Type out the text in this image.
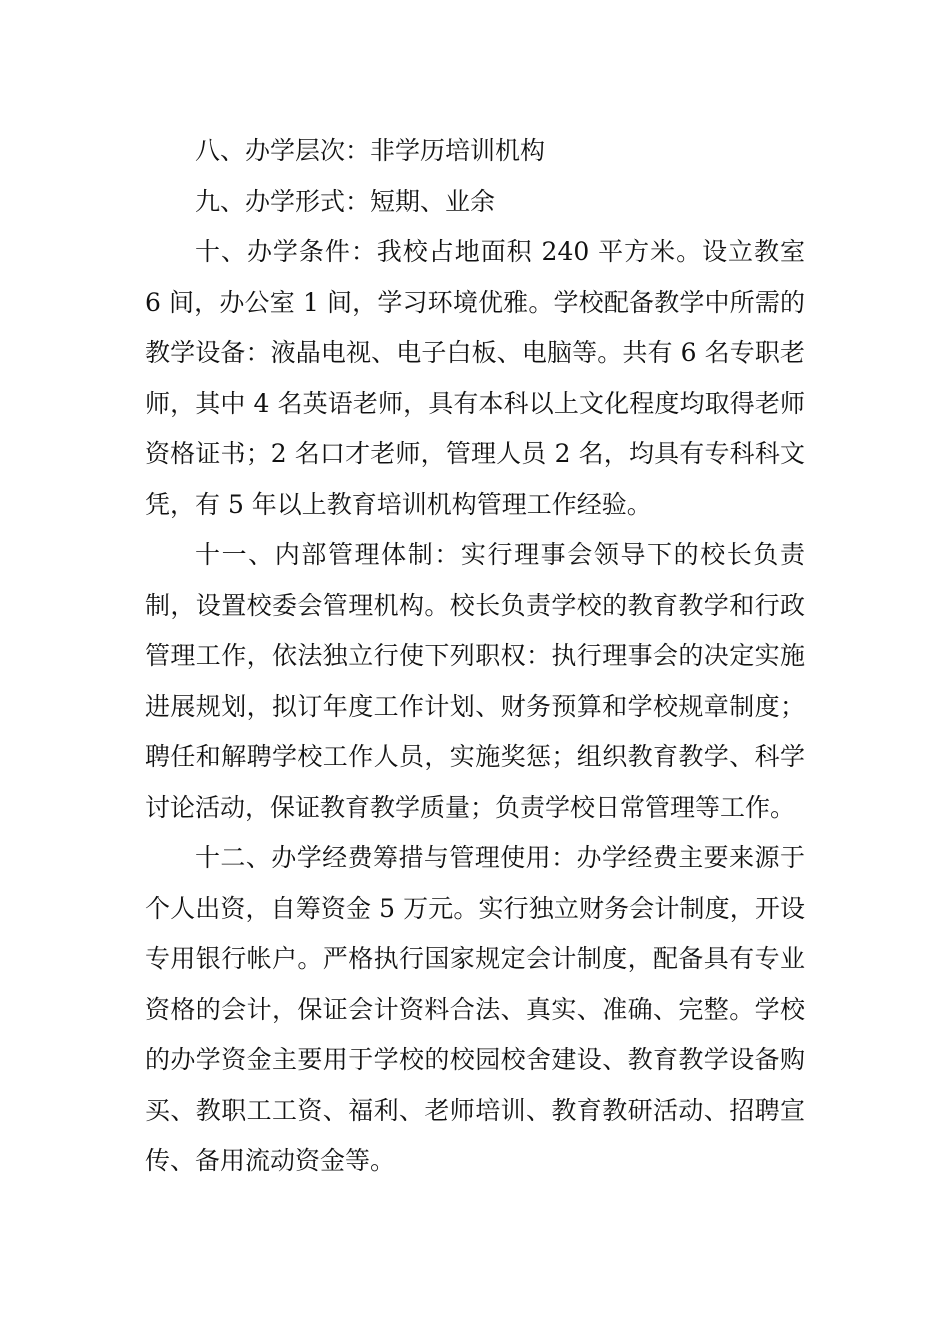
八、办学层次：非学历培训机构

九、办学形式：短期、业余

十、办学条件：我校占地面积 240 平方米。设立教室 6 间，办公室 1 间，学习环境优雅。学校配备教学中所需的教学设备：液晶电视、电子白板、电脑等。共有 6 名专职老师，其中 4 名英语老师，具有本科以上文化程度均取得老师资格证书；2 名口才老师，管理人员 2 名，均具有专科科文凭，有 5 年以上教育培训机构管理工作经验。

十一、内部管理体制：实行理事会领导下的校长负责制，设置校委会管理机构。校长负责学校的教育教学和行政管理工作，依法独立行使下列职权：执行理事会的决定实施进展规划，拟订年度工作计划、财务预算和学校规章制度；聘任和解聘学校工作人员，实施奖惩；组织教育教学、科学讨论活动，保证教育教学质量；负责学校日常管理等工作。

十二、办学经费筹措与管理使用：办学经费主要来源于个人出资，自筹资金 5 万元。实行独立财务会计制度，开设专用银行帐户。严格执行国家规定会计制度，配备具有专业资格的会计，保证会计资料合法、真实、准确、完整。学校的办学资金主要用于学校的校园校舍建设、教育教学设备购买、教职工工资、福利、老师培训、教育教研活动、招聘宣传、备用流动资金等。
